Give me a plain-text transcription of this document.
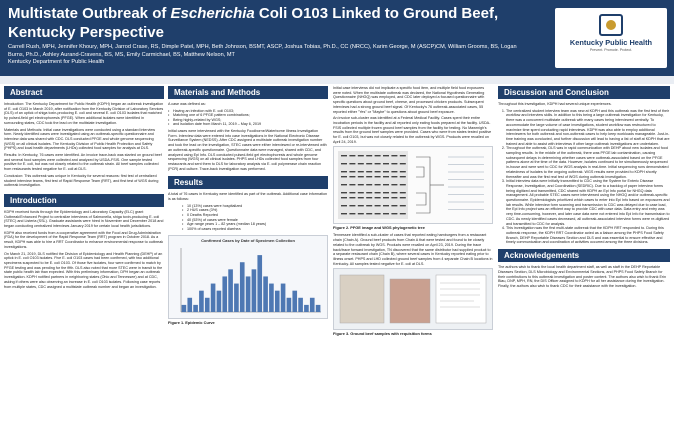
Multistate Outbreak of Escherichia Coli O103 Linked to Ground Beef, Kentucky Perspective
Carrell Rush, MPH, Jennifer Khoury, MPH, Jarrod Crase, RS, Dimple Patel, MPH, Beth Johnson, BSMT, ASCP, Joshua Tobias, Ph.D., CC (NRCC), Karim George, M (ASCP)CM, William Grooms, BS, Logan Burns, Ph.D., Ashley Aurand-Cravens, BS, MS, Emily Carmichael, BS, Matthew Nelson, MT
Kentucky Department for Public Health
Kentucky Public Health
Prevent. Promote. Protect.
Abstract

Introduction: The Kentucky Department for Public Health (KDPH) began an outbreak investigation of E. coli O103 in March 2019, after notification from the Kentucky Division of Laboratory Services (DLS) of an uptick of shiga toxin-producing E. coli and several E. coli O103 isolates that matched by pulsed-field gel electrophoresis (PFGE). When additional isolates were identified in surrounding states, CDC took the lead on the multistate investigation.

Materials and Methods: Initial case investigations were conducted using a standard interview form. Newly identified cases were investigated using an outbreak-specific questionnaire and interview data was shared with CDC. DLS conducted PFGE and whole genome sequencing (WGS) on all clinical isolates. The Kentucky Division of Public Health Protection and Safety (PHPS) and local health departments (LHDs) collected food samples for analysis at DLS.

Results: In Kentucky, 76 cases were identified. An invoice trace-back was started on ground beef and several food samples were collected and analyzed by USDA-FSIS. One sample tested positive for E. coli, but was not closely related to the outbreak strain. All beef samples collected from restaurants tested negative for E. coli at DLS.

Conclusion: This outbreak was unique in Kentucky for several reasons: first test of centralized student interview teams, first test of Rapid Response Team (RRT), and first test of WGS during outbreak investigation.

Introduction

KDPH received funds through the Epidemiology and Laboratory Capacity (ELC) grant Outbreak/Enhanced Project to centralize interviews of Salmonella, shiga toxin-producing E. coli (STEC) and Listeria (SSL). Graduate assistants were hired in November and December 2018 and began conducting centralized interviews January 2019 for certain local health jurisdictions.

KDPH also received funds from a cooperative agreement with the Food and Drug Administration (FDA) for the development of the Rapid Response Team (RRT) program in October 2018. As a result, KDPH was able to hire a RRT Coordinator to enhance environmental response to outbreak investigations.

On March 21, 2019, DLS notified the Division of Epidemiology and Health Planning (DEHP) of an uptick in E. coli O103 isolates. Five E. coli O103 cases had been confirmed, with two additional specimens suspected to be E. coli O103. Of those five isolates, four were confirmed to match by PFGE testing and was pending for the fifth. DLS also noted that more STEC were in transit to the state public health lab than expected. With this preliminary information, DPH began an outbreak investigation. KDPH notified partners in neighboring states (Ohio and Tennessee) and at CDC, asking if others were also observing an increase in E. coli O103 isolates. Following case reports from multiple states, CDC assigned a multistate outbreak number and began an investigation.

Materials and Methods

A case was defined as:

• Having an infection with E. coli O103;
• Matching one of 6 PFGE pattern combinations;
• Being highly-related by WGS;
• and isolation date from March 11, 2019 – May 6, 2019

Initial cases were interviewed with the Kentucky Foodborne/Waterborne Illness Investigation Form. Interview data were entered into case investigations in the National Electronic Disease Surveillance System (NEDSS). After CDC assigned a multistate outbreak investigation number and took the lead on the investigation, STEC cases were either interviewed or re-interviewed with an outbreak-specific questionnaire. Questionnaire data were managed, shared with CDC, and analyzed using Epi Info. DLS conducted pulsed-field gel electrophoresis and whole genome sequencing (WGS) on all clinical isolates. PHPS and LHDs collected food samples from four restaurants and sent them to DLS for laboratory analysis via E. coli polymerase chain reaction (PCR) and culture. Trace-back investigation was performed.

Results

A total of 76 cases in Kentucky were identified as part of the outbreak. Additional case information is as follows:

• 10 (13%) cases were hospitalized
• 2 HUS cases (3%)
• 0 Deaths Reported
• 40 (53%) of cases were female
• Age range years 1 – 82 years (median 18 years)
• 100% of cases reported diarrhea
Confirmed Cases by Date of Specimen Collection
Figure 1. Epidemic Curve

Initial case interviews did not implicate a specific food item, and multiple field food exposures were noted. When the multistate outbreak was declared, the National Hypothesis Generating Questionnaire (NHGQ) was employed, and CDC later deployed a focused questionnaire with specific questions about ground beef, cheese, and processed chicken products. Subsequent interviews had a strong ground beef signal. Of Kentucky's 76 outbreak-associated cases, 55 reported either "Yes" or "Maybe" to questions about ground beef exposure.

An invoice sub-cluster was identified at a Federal Medical Facility. Cases spent their entire incubation periods in the facility and all reported only eating foods prepared at the facility. USDA-FSIS collected multiple frozen ground beef samples from the facility for testing. No Mawrnigh's results from the ground beef samples were provided. Cases who were from states tested positive for E. coli O103, but was not closely related to the outbreak by WGS. Products were recalled on April 24, 2019.

Figure 2. PFGE image and WGS phylogenetic tree

Tennessee identified a sub-cluster of cases that reported eating hamburgers from a restaurant chain (Chain A). Ground beef products from Chain A that were tested and found to be closely related to the outbreak by WGS. Products were recalled on April 23, 2019. During the trace back/trace forward investigation, TN discovered that the same distributor had supplied product to a separate restaurant chain (Chain B), where several cases in Kentucky reported eating prior to illness onset. PHPS and LHD collected ground beef samples from 4 separate Chain B locations in Kentucky. All samples tested negative for E. coli at DLS.

Figure 3. Ground beef samples with requisition forms
Discussion and Conclusion

Throughout this investigation, KDPH had several unique experiences.

1. The centralized student interview team was new at KDPH and this outbreak was the first test of their workflow and interview skills. In addition to this being a large outbreak investigation for Kentucky, there was a concurrent multistate outbreak with many cases being interviewed centrally. To accommodate the large volume of case investigations, student workflow was restructured to maximize time spent conducting rapid interviews. KDPH was also able to employ additional interviewers for both outbreak and non-outbreak cases to help keep workloads manageable. Just-in-time training was conducted, and further discussion will lead to having a list of staff at KDPH that are trained and able to assist with interviews if other large outbreak investigations are undertaken.
2. Throughout the outbreak, DLS was in rapid communication with DEHP about new isolates and food sampling results. In the middle of the outbreak, there was PFGE lab contamination, causing subsequent delays in determining whether cases were outbreak-associated based on the PFGE patterns alone at the time of the data. However, isolates continued to be simultaneously sequenced in-house and were sent to CDC for WGS analysis in real-time. Initial sequencing runs demonstrated relatedness of isolates to the ongoing outbreak. WGS results were provided to KDPH shortly thereafter and was the first real test of WGS during outbreak investigation.
3. Initial interview data were initially transmitted to CDC using the System for Enteric Disease Response, Investigation, and Coordination (SEDRIC). Due to a backlog of paper interview forms being digitized and transmitted, CDC shared with KDPH an Epi Info portal for NHGQ data management. All probable STEC cases were interviewed using the NHGQ and/or outbreak-specific questionnaire. Epidemiologists prioritized which cases to enter into Epi Info based on exposures and lab results. While interview form scanning and transmission to CDC was delayed due to case load, the Epi Info project was an efficient way to provide CDC with case data. Data entry and entry was very time-consuming, however, and later case data were not entered into Epi Info for transmission to CDC. As newly identified cases decreased, all outbreak-associated interview forms were re-digitized and transmitted to CDC for analysis.
4. This investigation was the first multi-state outbreak that the KDPH RRT responded to. During this outbreak response, the KDPH RRT Coordinator acted as a liaison among the PHPS Food Safety Branch, DEHP Reportable Diseases Section and DLS and was essential to ensure effective and timely communication and coordination of activities occurred among the three divisions.
Acknowledgements

The authors wish to thank the local health department staff, as well as staff in the DEHP Reportable Diseases Section, DLS Microbiology and Environmental Sections, and PHPS Food Safety Branch for their contributions to this outbreak investigation and poster content. The authors also wish to thank Erin Blau, DNP, MPH, RN, the DIS Officer assigned to KDPH for all her assistance during the investigation. Finally, the authors also wish to thank CDC for their assistance with the investigation.
